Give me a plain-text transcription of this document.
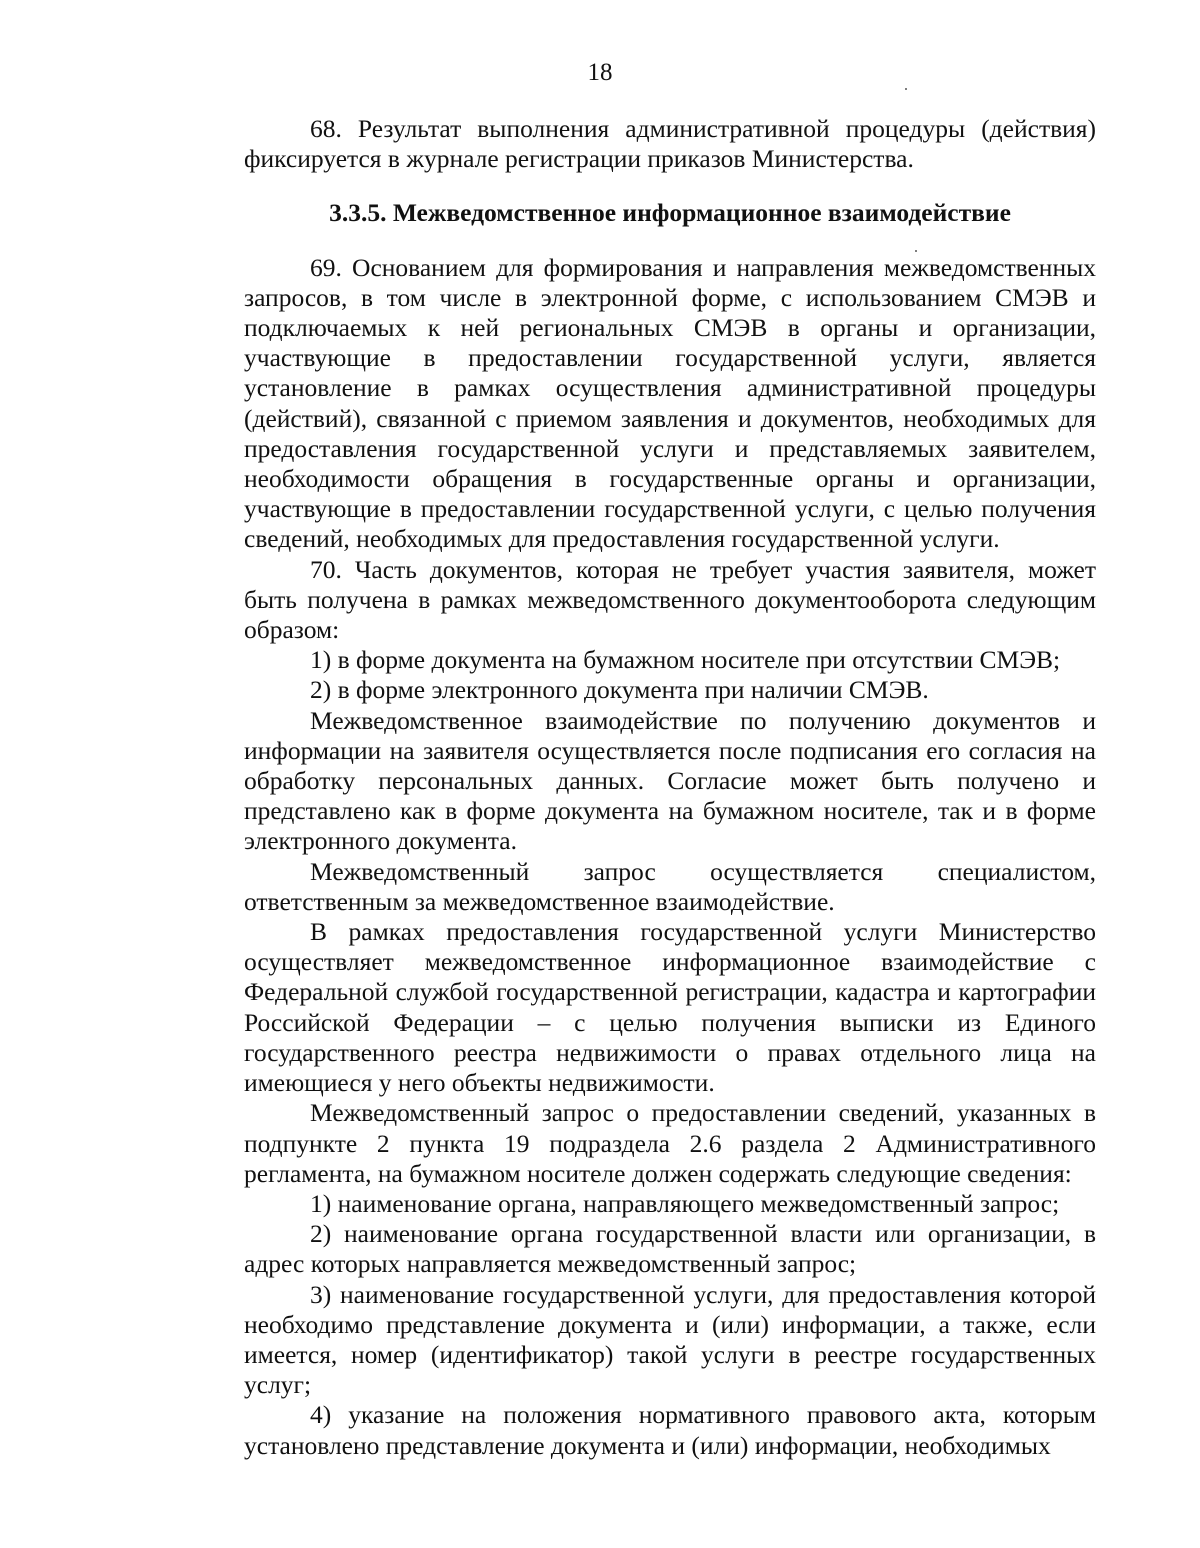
18

68. Результат выполнения административной процедуры (действия) фиксируется в журнале регистрации приказов Министерства.

3.3.5. Межведомственное информационное взаимодействие

69. Основанием для формирования и направления межведомственных запросов, в том числе в электронной форме, с использованием СМЭВ и подключаемых к ней региональных СМЭВ в органы и организации, участвующие в предоставлении государственной услуги, является установление в рамках осуществления административной процедуры (действий), связанной с приемом заявления и документов, необходимых для предоставления государственной услуги и представляемых заявителем, необходимости обращения в государственные органы и организации, участвующие в предоставлении государственной услуги, с целью получения сведений, необходимых для предоставления государственной услуги.

70. Часть документов, которая не требует участия заявителя, может быть получена в рамках межведомственного документооборота следующим образом:

1) в форме документа на бумажном носителе при отсутствии СМЭВ;

2) в форме электронного документа при наличии СМЭВ.

Межведомственное взаимодействие по получению документов и информации на заявителя осуществляется после подписания его согласия на обработку персональных данных. Согласие может быть получено и представлено как в форме документа на бумажном носителе, так и в форме электронного документа.

Межведомственный запрос осуществляется специалистом, ответственным за межведомственное взаимодействие.

В рамках предоставления государственной услуги Министерство осуществляет межведомственное информационное взаимодействие с Федеральной службой государственной регистрации, кадастра и картографии Российской Федерации – с целью получения выписки из Единого государственного реестра недвижимости о правах отдельного лица на имеющиеся у него объекты недвижимости.

Межведомственный запрос о предоставлении сведений, указанных в подпункте 2 пункта 19 подраздела 2.6 раздела 2 Административного регламента, на бумажном носителе должен содержать следующие сведения:

1) наименование органа, направляющего межведомственный запрос;

2) наименование органа государственной власти или организации, в адрес которых направляется межведомственный запрос;

3) наименование государственной услуги, для предоставления которой необходимо представление документа и (или) информации, а также, если имеется, номер (идентификатор) такой услуги в реестре государственных услуг;

4) указание на положения нормативного правового акта, которым установлено представление документа и (или) информации, необходимых
